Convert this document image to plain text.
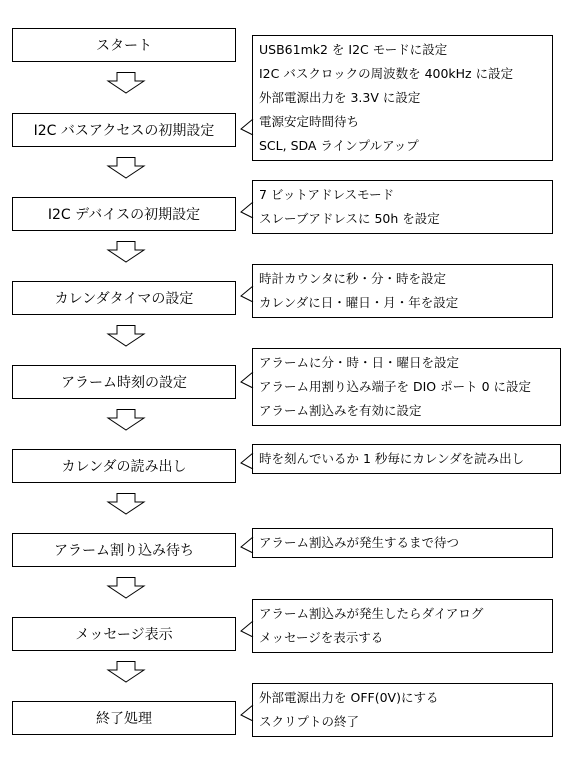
スタート
I2C バスアクセスの初期設定
I2C デバイスの初期設定
カレンダタイマの設定
アラーム時刻の設定
カレンダの読み出し
アラーム割り込み待ち
メッセージ表示
終了処理
USB61mk2 を I2C モードに設定
I2C バスクロックの周波数を 400kHz に設定
外部電源出力を 3.3V に設定
電源安定時間待ち
SCL, SDA ラインプルアップ
7 ビットアドレスモード
スレーブアドレスに 50h を設定
時計カウンタに秒・分・時を設定
カレンダに日・曜日・月・年を設定
アラームに分・時・日・曜日を設定
アラーム用割り込み端子を DIO ポート 0 に設定
アラーム割込みを有効に設定
時を刻んでいるか 1 秒毎にカレンダを読み出し
アラーム割込みが発生するまで待つ
アラーム割込みが発生したらダイアログ
メッセージを表示する
外部電源出力を OFF(0V)にする
スクリプトの終了
